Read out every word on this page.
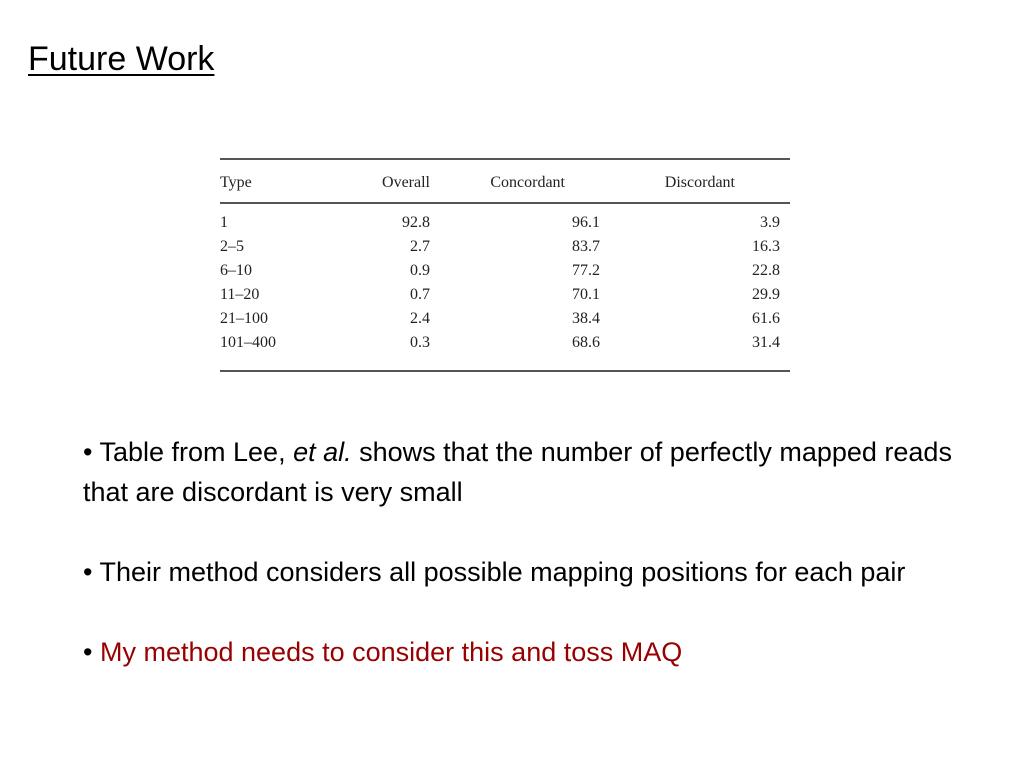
Future Work
Type	Overall	Concordant	Discordant
1	92.8	96.1	3.9
2–5	2.7	83.7	16.3
6–10	0.9	77.2	22.8
11–20	0.7	70.1	29.9
21–100	2.4	38.4	61.6
101–400	0.3	68.6	31.4

• Table from Lee, et al. shows that the number of perfectly mapped reads that are discordant is very small

• Their method considers all possible mapping positions for each pair

• My method needs to consider this and toss MAQ
